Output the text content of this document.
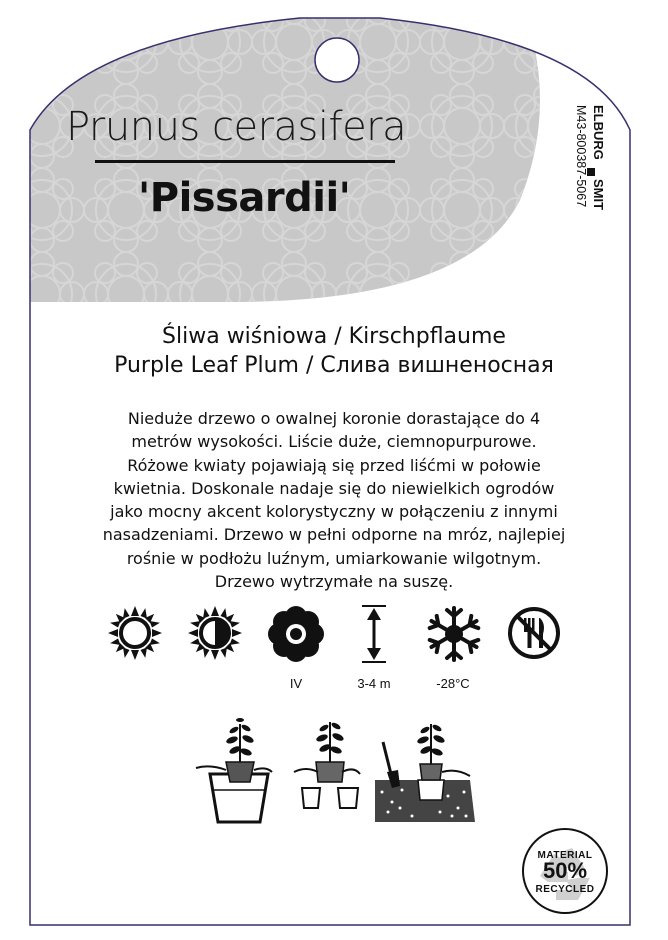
Prunus cerasifera
'Pissardii'
ELBURG
SMIT
M43-800387-5067
Śliwa wiśniowa / Kirschpflaume
Purple Leaf Plum / Слива вишненосная
Nieduże drzewo o owalnej koronie dorastające do 4
metrów wysokości. Liście duże, ciemnopurpurowe.
Różowe kwiaty pojawiają się przed liśćmi w połowie
kwietnia. Doskonale nadaje się do niewielkich ogrodów
jako mocny akcent kolorystyczny w połączeniu z innymi
nasadzeniami. Drzewo w pełni odporne na mróz, najlepiej
rośnie w podłożu luźnym, umiarkowanie wilgotnym.
Drzewo wytrzymałe na suszę.
IV	3-4 m	-28°C
MATERIAL
50%
RECYCLED
